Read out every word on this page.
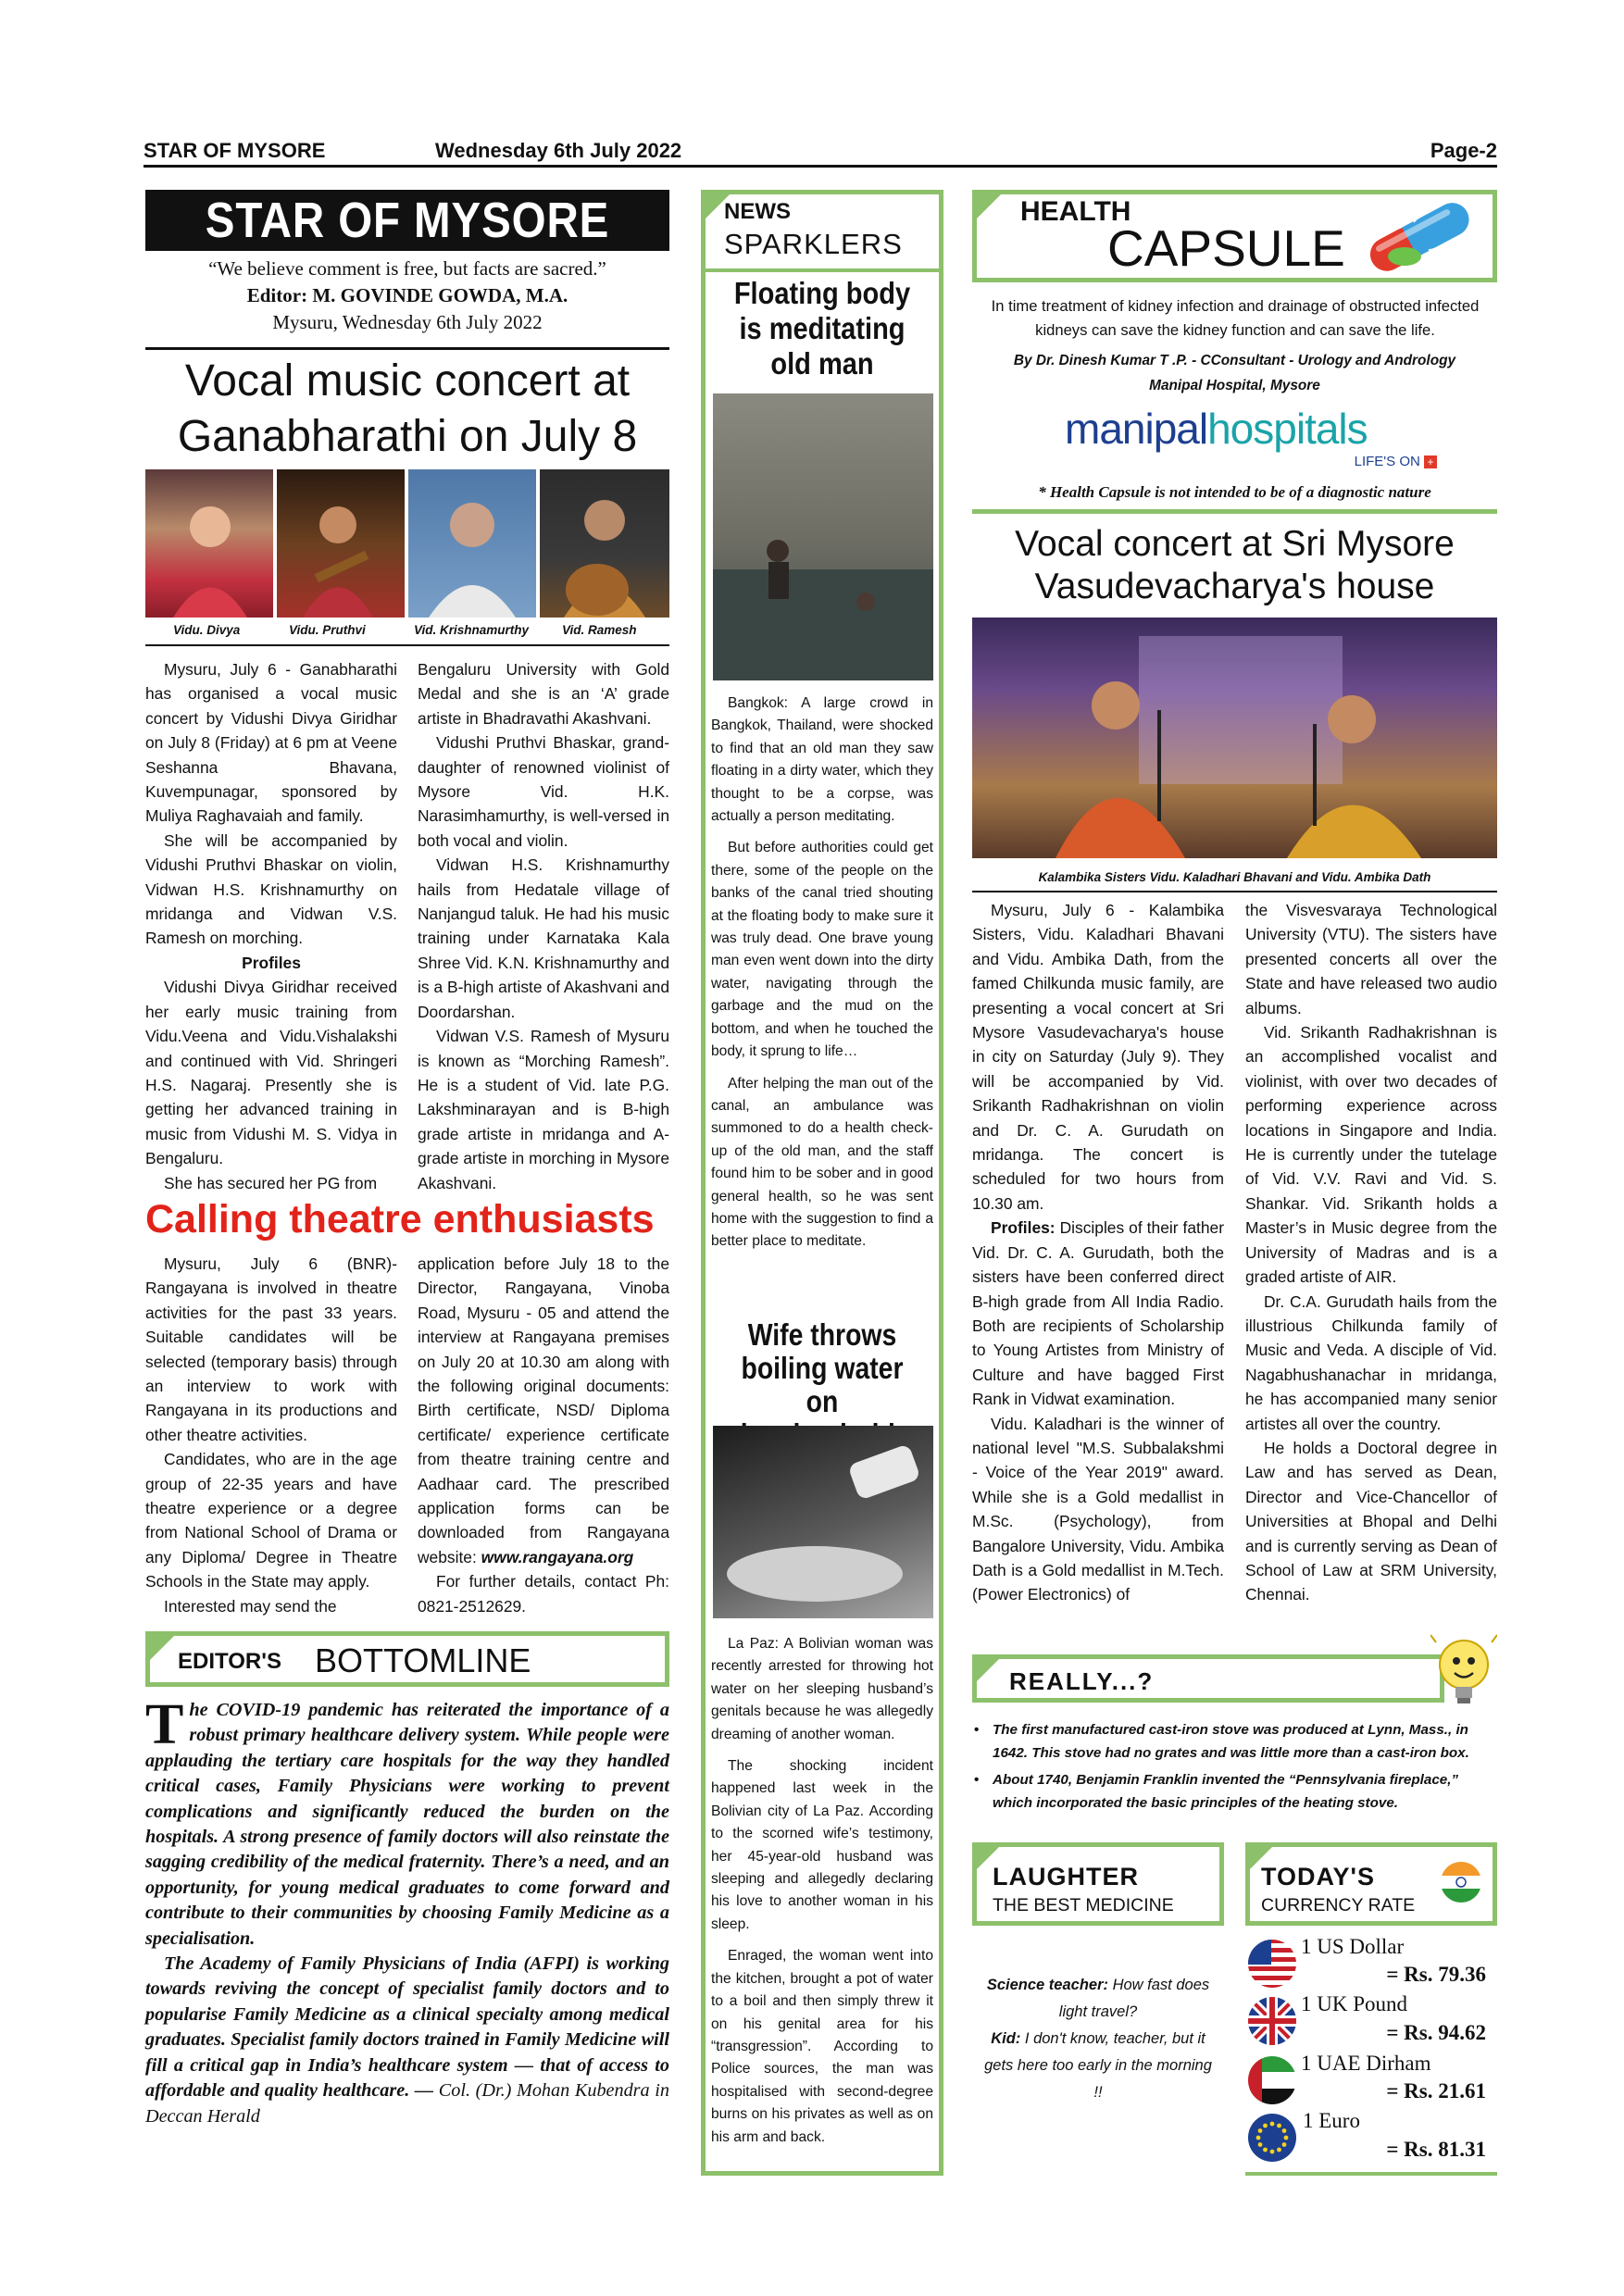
STAR OF MYSORE	Wednesday 6th July 2022	Page-2
STAR OF MYSORE
“We believe comment is free, but facts are sacred.”
Editor: M. GOVINDE GOWDA, M.A.
Mysuru, Wednesday 6th July 2022
Vocal music concert at
Ganabharathi on July 8
Vidu. Divya	Vidu. Pruthvi	Vid. Krishnamurthy	Vid. Ramesh

Mysuru, July 6 - Ganabharathi has organised a vocal music concert by Vidushi Divya Giridhar on July 8 (Friday) at 6 pm at Veene Seshanna Bhavana, Kuvempunagar, sponsored by Muliya Raghavaiah and family.

She will be accompanied by Vidushi Pruthvi Bhaskar on violin, Vidwan H.S. Krishnamurthy on mridanga and Vidwan V.S. Ramesh on morching.

Profiles

Vidushi Divya Giridhar received her early music training from Vidu.Veena and Vidu.Vishalakshi and continued with Vid. Shringeri H.S. Nagaraj. Presently she is getting her advanced training in music from Vidushi M. S. Vidya in Bengaluru.

She has secured her PG from

Bengaluru University with Gold Medal and she is an ‘A’ grade artiste in Bhadravathi Akashvani.

Vidushi Pruthvi Bhaskar, grand-daughter of renowned violinist of Mysore Vid. H.K. Narasimhamurthy, is well-versed in both vocal and violin.

Vidwan H.S. Krishnamurthy hails from Hedatale village of Nanjangud taluk. He had his music training under Karnataka Kala Shree Vid. K.N. Krishnamurthy and is a B-high artiste of Akashvani and Doordarshan.

Vidwan V.S. Ramesh of Mysuru is known as “Morching Ramesh”. He is a student of Vid. late P.G. Lakshminarayan and is B-high grade artiste in mridanga and A-grade artiste in morching in Mysore Akashvani.

Calling theatre enthusiasts

Mysuru, July 6 (BNR)- Rangayana is involved in theatre activities for the past 33 years. Suitable candidates will be selected (temporary basis) through an interview to work with Rangayana in its productions and other theatre activities.

Candidates, who are in the age group of 22-35 years and have theatre experience or a degree from National School of Drama or any Diploma/ Degree in Theatre Schools in the State may apply.

Interested may send the

application before July 18 to the Director, Rangayana, Vinoba Road, Mysuru - 05 and attend the interview at Rangayana premises on July 20 at 10.30 am along with the following original documents: Birth certificate, NSD/ Diploma certificate/ experience certificate from theatre training centre and Aadhaar card. The prescribed application forms can be downloaded from Rangayana website: www.rangayana.org

For further details, contact Ph: 0821-2512629.

EDITOR'S BOTTOMLINE

The COVID-19 pandemic has reiterated the importance of a robust primary healthcare delivery system. While people were applauding the tertiary care hospitals for the way they handled critical cases, Family Physicians were working to prevent complications and significantly reduced the burden on the hospitals. A strong presence of family doctors will also reinstate the sagging credibility of the medical fraternity. There’s a need, and an opportunity, for young medical graduates to come forward and contribute to their communities by choosing Family Medicine as a specialisation.

The Academy of Family Physicians of India (AFPI) is working towards reviving the concept of specialist family doctors and to popularise Family Medicine as a clinical specialty among medical graduates. Specialist family doctors trained in Family Medicine will fill a critical gap in India’s healthcare system — that of access to affordable and quality healthcare. — Col. (Dr.) Mohan Kubendra in Deccan Herald

NEWS
SPARKLERS
Floating body
is meditating
old man

Bangkok: A large crowd in Bangkok, Thailand, were shocked to find that an old man they saw floating in a dirty water, which they thought to be a corpse, was actually a person meditating.

But before authorities could get there, some of the people on the banks of the canal tried shouting at the floating body to make sure it was truly dead. One brave young man even went down into the dirty water, navigating through the garbage and the mud on the bottom, and when he touched the body, it sprung to life…

After helping the man out of the canal, an ambulance was summoned to do a health check-up of the old man, and the staff found him to be sober and in good general health, so he was sent home with the suggestion to find a better place to meditate.

Wife throws
boiling water on

La Paz: A Bolivian woman was recently arrested for throwing hot water on her sleeping husband’s genitals because he was allegedly dreaming of another woman.

The shocking incident happened last week in the Bolivian city of La Paz. According to the scorned wife’s testimony, her 45-year-old husband was sleeping and allegedly declaring his love to another woman in his sleep.

Enraged, the woman went into the kitchen, brought a pot of water to a boil and then simply threw it on his genital area for his “transgression”. According to Police sources, the man was hospitalised with second-degree burns on his privates as well as on his arm and back.

HEALTH
CAPSULE
In time treatment of kidney infection and drainage of obstructed infected kidneys can save the kidney function and can save the life.
By Dr. Dinesh Kumar T .P. - CConsultant - Urology and Andrology
Manipal Hospital, Mysore
manipalhospitals
LIFE'S ON +
* Health Capsule is not intended to be of a diagnostic nature
Vocal concert at Sri Mysore
Vasudevacharya's house
Kalambika Sisters Vidu. Kaladhari Bhavani and Vidu. Ambika Dath

Mysuru, July 6 - Kalambika Sisters, Vidu. Kaladhari Bhavani and Vidu. Ambika Dath, from the famed Chilkunda music family, are presenting a vocal concert at Sri Mysore Vasudevacharya's house in city on Saturday (July 9). They will be accompanied by Vid. Srikanth Radhakrishnan on violin and Dr. C. A. Gurudath on mridanga. The concert is scheduled for two hours from 10.30 am.

Profiles: Disciples of their father Vid. Dr. C. A. Gurudath, both the sisters have been conferred direct B-high grade from All India Radio. Both are recipients of Scholarship to Young Artistes from Ministry of Culture and have bagged First Rank in Vidwat examination.

Vidu. Kaladhari is the winner of national level "M.S. Subbalakshmi - Voice of the Year 2019" award. While she is a Gold medallist in M.Sc. (Psychology), from Bangalore University, Vidu. Ambika Dath is a Gold medallist in M.Tech. (Power Electronics) of

the Visvesvaraya Technological University (VTU). The sisters have presented concerts all over the State and have released two audio albums.

Vid. Srikanth Radhakrishnan is an accomplished vocalist and violinist, with over two decades of performing experience across locations in Singapore and India. He is currently under the tutelage of Vid. V.V. Ravi and Vid. S. Shankar. Vid. Srikanth holds a Master’s in Music degree from the University of Madras and is a graded artiste of AIR.

Dr. C.A. Gurudath hails from the illustrious Chilkunda family of Music and Veda. A disciple of Vid. Nagabhushanachar in mridanga, he has accompanied many senior artistes all over the country.

He holds a Doctoral degree in Law and has served as Dean, Director and Vice-Chancellor of Universities at Bhopal and Delhi and is currently serving as Dean of School of Law at SRM University, Chennai.

REALLY...?
• The first manufactured cast-iron stove was produced at Lynn, Mass., in 1642. This stove had no grates and was little more than a cast-iron box.
• About 1740, Benjamin Franklin invented the “Pennsylvania fireplace,” which incorporated the basic principles of the heating stove.
LAUGHTER
THE BEST MEDICINE
Science teacher: How fast does light travel?
Kid: I don't know, teacher, but it gets here too early in the morning !!
TODAY'S
CURRENCY RATE
1 US Dollar
= Rs. 79.36
1 UK Pound
= Rs. 94.62
1 UAE Dirham
= Rs. 21.61
1 Euro
= Rs. 81.31
